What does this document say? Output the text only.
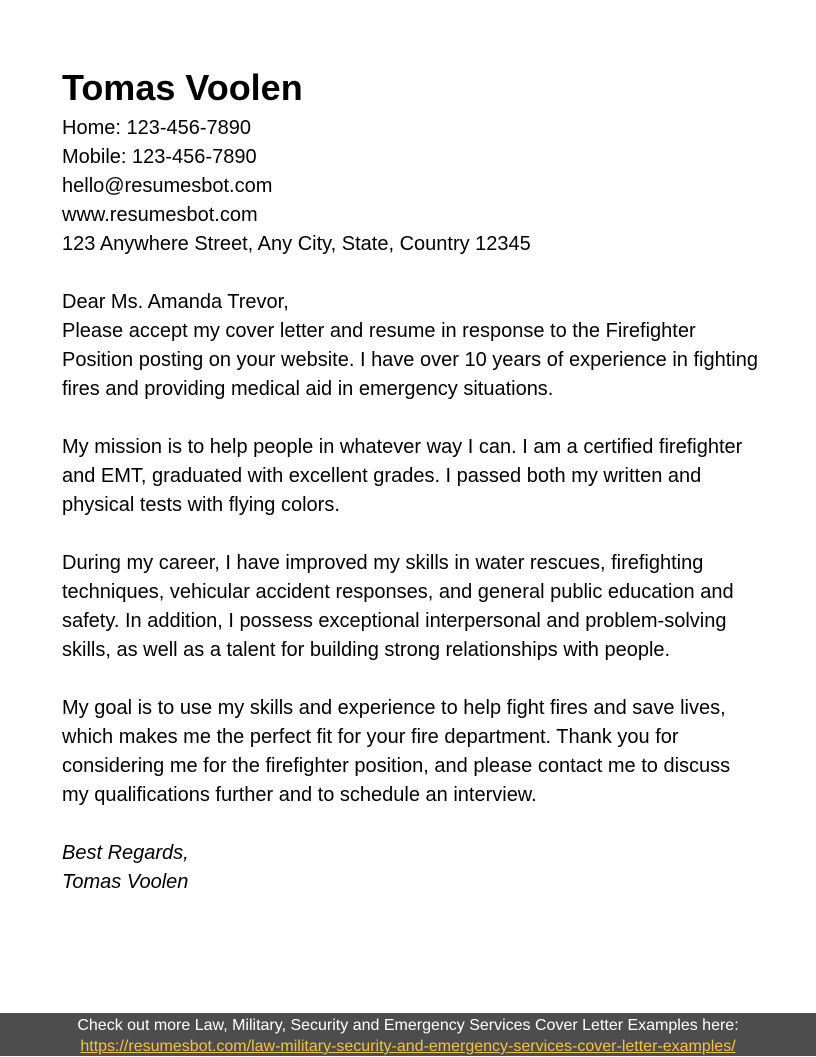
Tomas Voolen
Home: 123-456-7890
Mobile: 123-456-7890
hello@resumesbot.com
www.resumesbot.com
123 Anywhere Street, Any City, State, Country 12345
Dear Ms. Amanda Trevor,

Please accept my cover letter and resume in response to the Firefighter Position posting on your website. I have over 10 years of experience in fighting fires and providing medical aid in emergency situations.

My mission is to help people in whatever way I can. I am a certified firefighter and EMT, graduated with excellent grades. I passed both my written and physical tests with flying colors.

During my career, I have improved my skills in water rescues, firefighting techniques, vehicular accident responses, and general public education and safety. In addition, I possess exceptional interpersonal and problem-solving skills, as well as a talent for building strong relationships with people.

My goal is to use my skills and experience to help fight fires and save lives, which makes me the perfect fit for your fire department. Thank you for considering me for the firefighter position, and please contact me to discuss my qualifications further and to schedule an interview.

Best Regards,
Tomas Voolen
Check out more Law, Military, Security and Emergency Services Cover Letter Examples here:
https://resumesbot.com/law-military-security-and-emergency-services-cover-letter-examples/
